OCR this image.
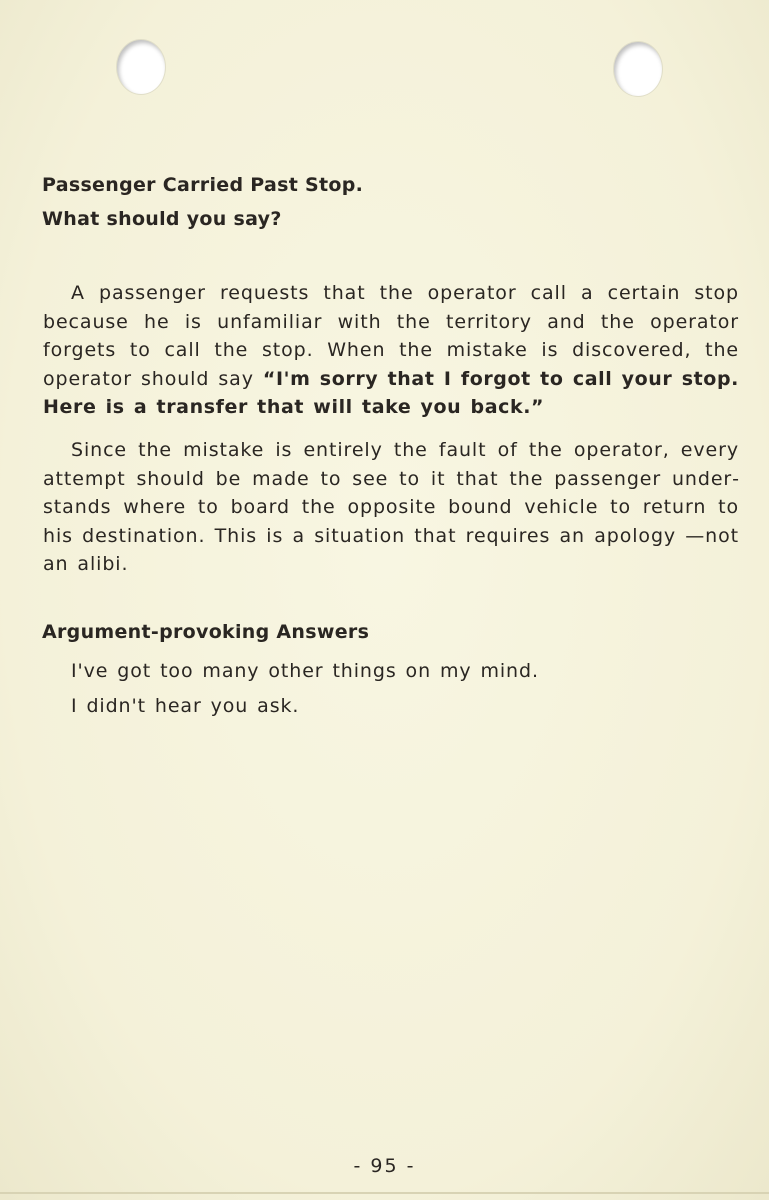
Passenger Carried Past Stop.
What should you say?

A passenger requests that the operator call a certain stop because he is unfamiliar with the territory and the operator forgets to call the stop. When the mistake is discovered, the operator should say “I'm sorry that I forgot to call your stop. Here is a transfer that will take you back.”

Since the mistake is entirely the fault of the operator, every attempt should be made to see to it that the passenger understands where to board the opposite bound vehicle to return to his destination. This is a situation that requires an apology —not an alibi.

Argument-provoking Answers
I've got too many other things on my mind.
I didn't hear you ask.
- 95 -
